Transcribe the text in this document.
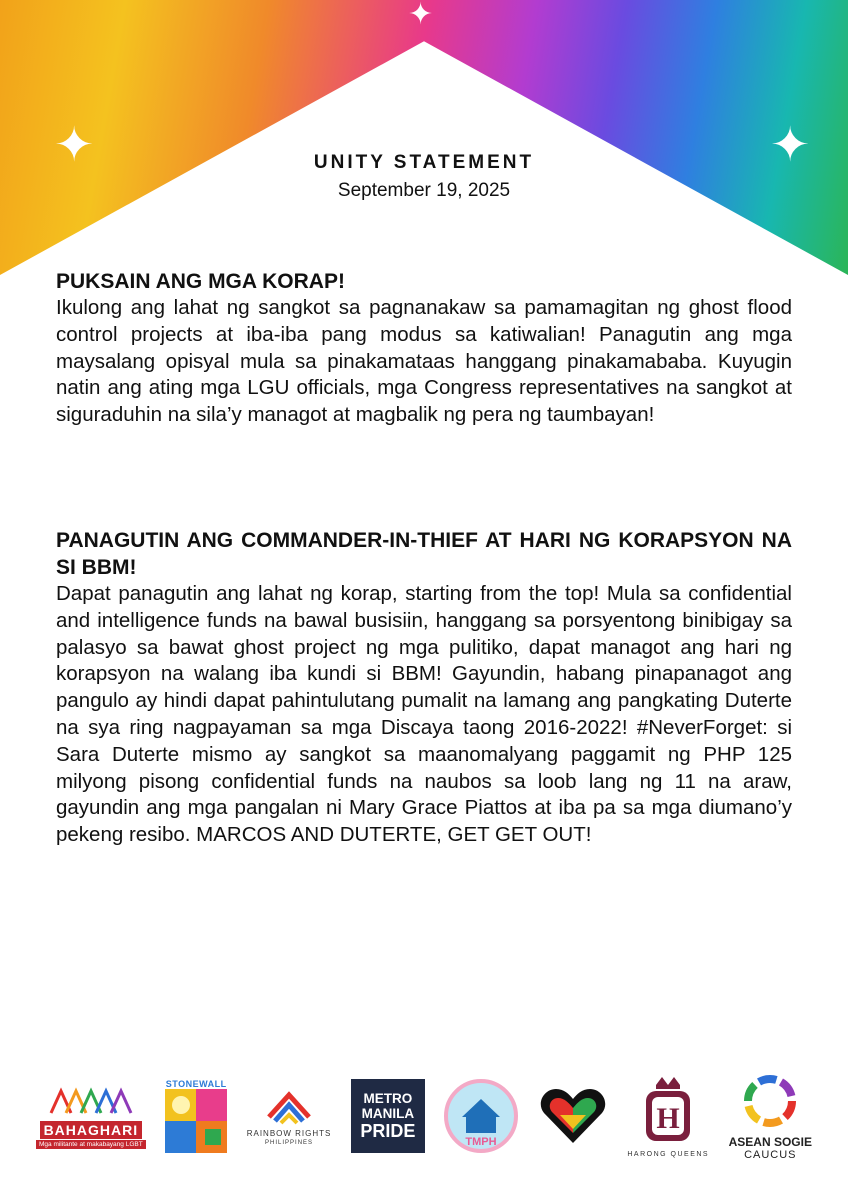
✦
✦	✦
UNITY STATEMENT
September 19, 2025
PUKSAIN ANG MGA KORAP!
Ikulong ang lahat ng sangkot sa pagnanakaw sa pamamagitan ng ghost flood control projects at iba-iba pang modus sa katiwalian! Panagutin ang mga maysalang opisyal mula sa pinakamataas hanggang pinakamababa. Kuyugin natin ang ating mga LGU officials, mga Congress representatives na sangkot at siguraduhin na sila’y managot at magbalik ng pera ng taumbayan!
PANAGUTIN ANG COMMANDER-IN-THIEF AT HARI NG KORAPSYON NA SI BBM!
Dapat panagutin ang lahat ng korap, starting from the top! Mula sa confidential and intelligence funds na bawal busisiin, hanggang sa porsyentong binibigay sa palasyo sa bawat ghost project ng mga pulitiko, dapat managot ang hari ng korapsyon na walang iba kundi si BBM! Gayundin, habang pinapanagot ang pangulo ay hindi dapat pahintulutang pumalit na lamang ang pangkating Duterte na sya ring nagpayaman sa mga Discaya taong 2016-2022! #NeverForget: si Sara Duterte mismo ay sangkot sa maanomalyang paggamit ng PHP 125 milyong pisong confidential funds na naubos sa loob lang ng 11 na araw, gayundin ang mga pangalan ni Mary Grace Piattos at iba pa sa mga diumano’y pekeng resibo. MARCOS AND DUTERTE, GET GET OUT!
BAHAGHARI
Mga militante at makabayang LGBT
STONEWALL
RAINBOW RIGHTS
PHILIPPINES
METRO
MANILA
PRIDE
TMPH
H
HARONG QUEENS
ASEAN SOGIE
CAUCUS
